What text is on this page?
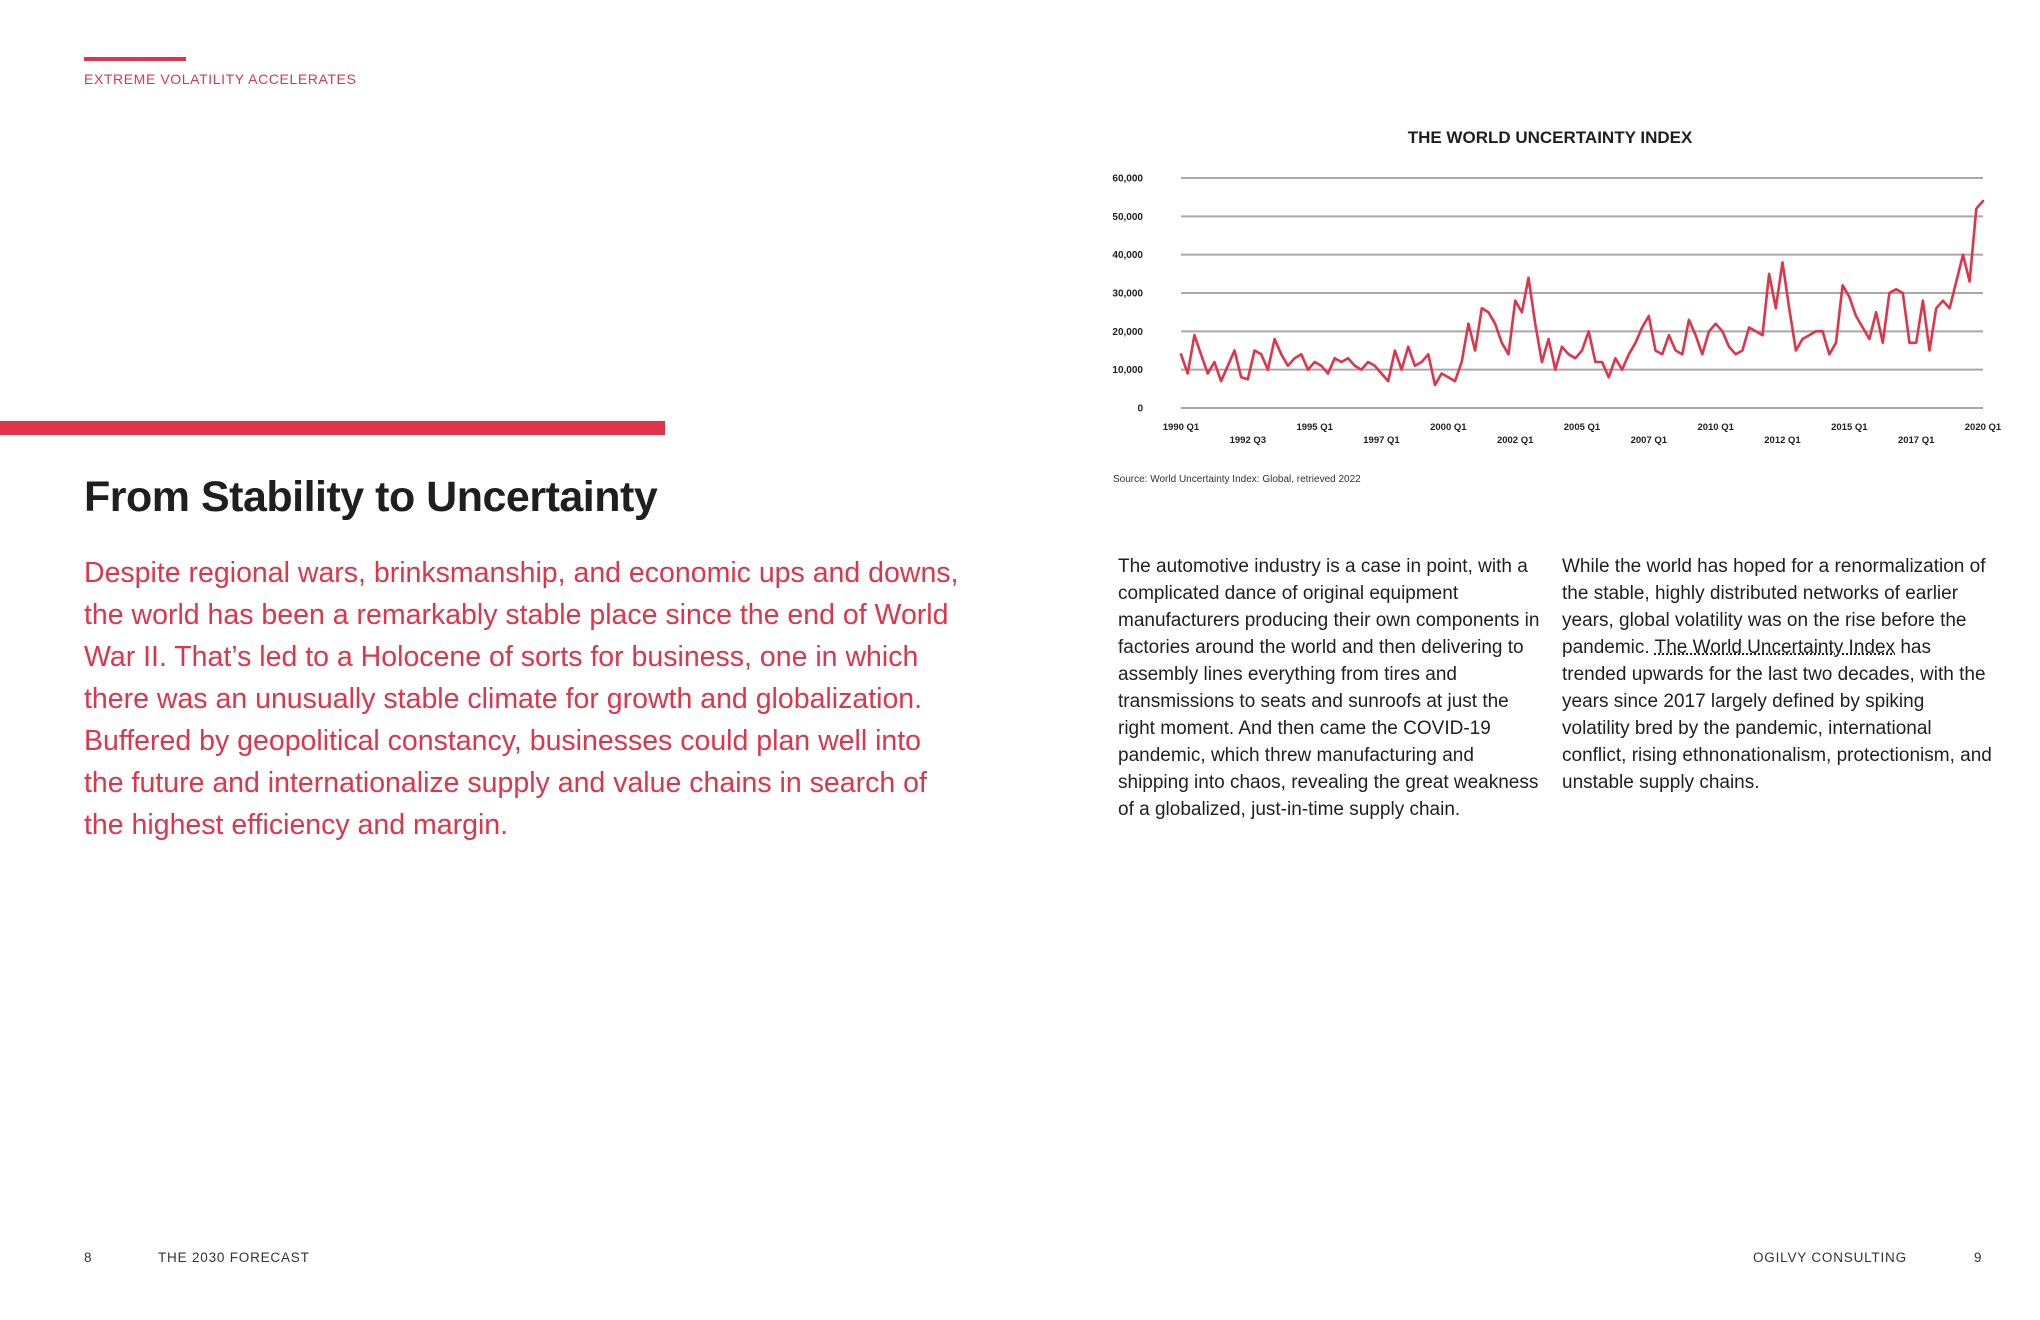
EXTREME VOLATILITY ACCELERATES
From Stability to Uncertainty

Despite regional wars, brinksmanship, and economic ups and downs, the world has been a remarkably stable place since the end of World War II. That’s led to a Holocene of sorts for business, one in which there was an unusually stable climate for growth and globalization. Buffered by geopolitical constancy, businesses could plan well into the future and internationalize supply and value chains in search of the highest efficiency and margin.

THE WORLD UNCERTAINTY INDEX
0
10,000
20,000
30,000
40,000
50,000
60,000
1990 Q1
1992 Q3
1995 Q1
1997 Q1
2000 Q1
2002 Q1
2005 Q1
2007 Q1
2010 Q1
2012 Q1
2015 Q1
2017 Q1
2020 Q1
Source: World Uncertainty Index: Global, retrieved 2022

The automotive industry is a case in point, with a complicated dance of original equipment manufacturers producing their own components in factories around the world and then delivering to assembly lines everything from tires and transmissions to seats and sunroofs at just the right moment. And then came the COVID-19 pandemic, which threw manufacturing and shipping into chaos, revealing the great weakness of a globalized, just-in-time supply chain.

While the world has hoped for a renormalization of the stable, highly distributed networks of earlier years, global volatility was on the rise before the pandemic. The World Uncertainty Index has trended upwards for the last two decades, with the years since 2017 largely defined by spiking volatility bred by the pandemic, international conflict, rising ethnonationalism, protectionism, and unstable supply chains.

8	THE 2030 FORECAST	OGILVY CONSULTING	9
